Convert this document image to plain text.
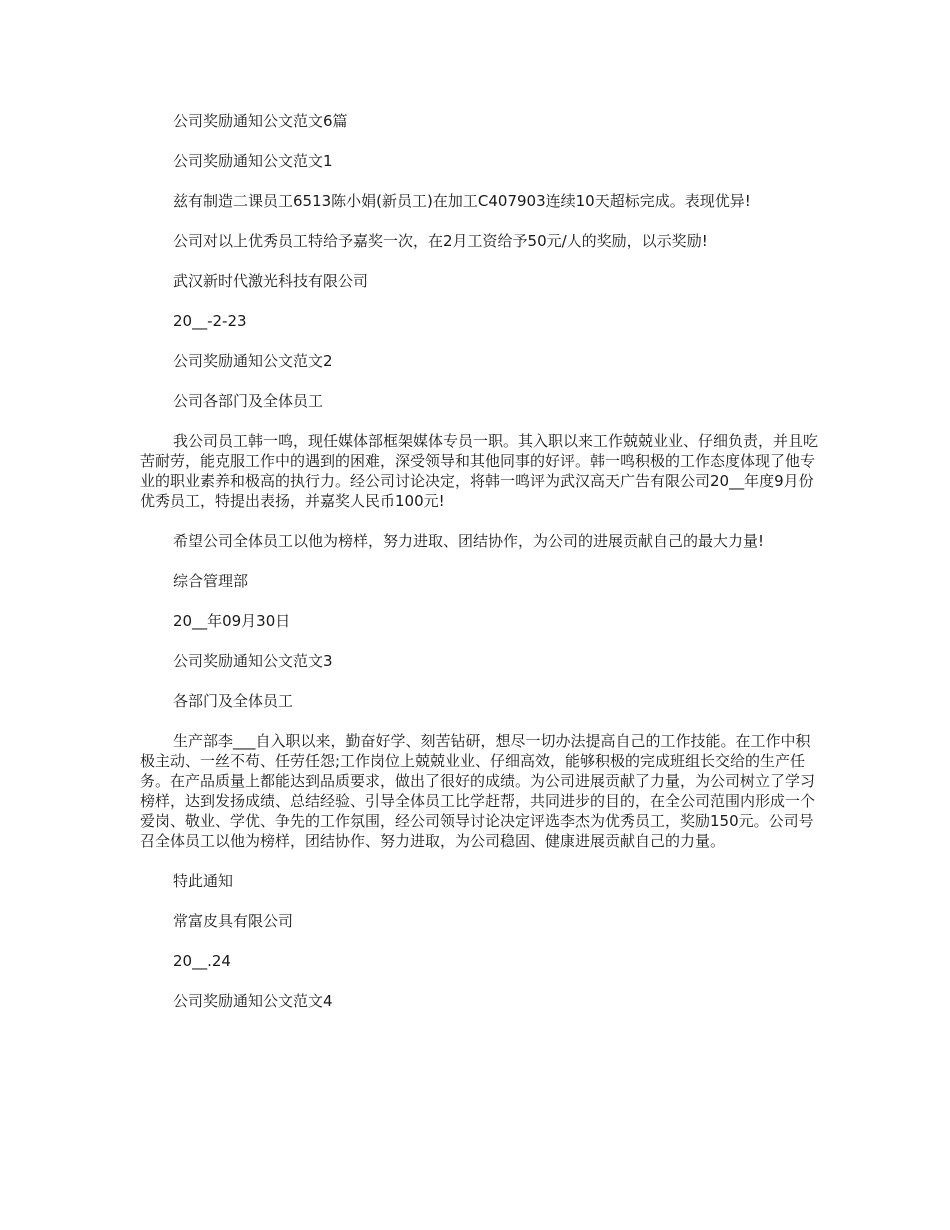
公司奖励通知公文范文6篇

公司奖励通知公文范文1

兹有制造二课员工6513陈小娟(新员工)在加工C407903连续10天超标完成。表现优异!

公司对以上优秀员工特给予嘉奖一次，在2月工资给予50元/人的奖励，以示奖励!

武汉新时代激光科技有限公司

20__-2-23

公司奖励通知公文范文2

公司各部门及全体员工

我公司员工韩一鸣，现任媒体部框架媒体专员一职。其入职以来工作兢兢业业、仔细负责，并且吃苦耐劳，能克服工作中的遇到的困难，深受领导和其他同事的好评。韩一鸣积极的工作态度体现了他专业的职业素养和极高的执行力。经公司讨论决定，将韩一鸣评为武汉高天广告有限公司20__年度9月份优秀员工，特提出表扬，并嘉奖人民币100元!

希望公司全体员工以他为榜样，努力进取、团结协作，为公司的进展贡献自己的最大力量!

综合管理部

20__年09月30日

公司奖励通知公文范文3

各部门及全体员工

生产部李___自入职以来，勤奋好学、刻苦钻研，想尽一切办法提高自己的工作技能。在工作中积极主动、一丝不苟、任劳任怨;工作岗位上兢兢业业、仔细高效，能够积极的完成班组长交给的生产任务。在产品质量上都能达到品质要求，做出了很好的成绩。为公司进展贡献了力量，为公司树立了学习榜样，达到发扬成绩、总结经验、引导全体员工比学赶帮，共同进步的目的，在全公司范围内形成一个爱岗、敬业、学优、争先的工作氛围，经公司领导讨论决定评选李杰为优秀员工，奖励150元。公司号召全体员工以他为榜样，团结协作、努力进取，为公司稳固、健康进展贡献自己的力量。

特此通知

常富皮具有限公司

20__.24

公司奖励通知公文范文4
